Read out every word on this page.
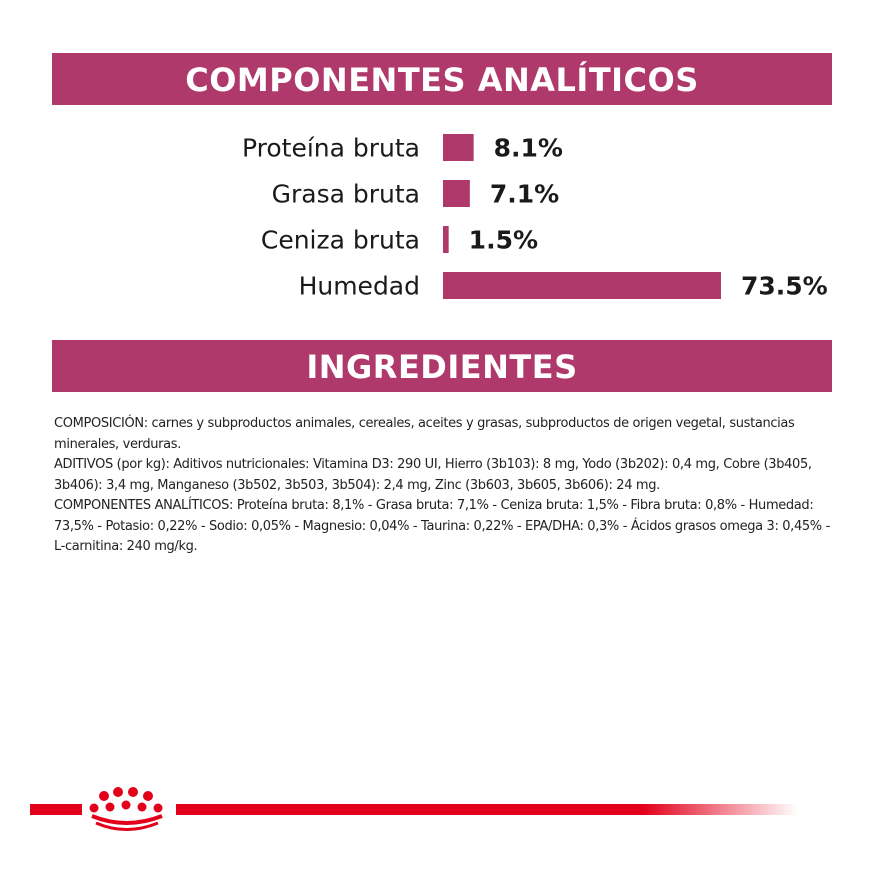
COMPONENTES ANALÍTICOS
Proteína bruta	8.1%
Grasa bruta	7.1%
Ceniza bruta 1.5%
Humedad	73.5%
INGREDIENTES

COMPOSICIÓN: carnes y subproductos animales, cereales, aceites y grasas, subproductos de origen vegetal, sustancias minerales, verduras.

ADITIVOS (por kg): Aditivos nutricionales: Vitamina D3: 290 UI, Hierro (3b103): 8 mg, Yodo (3b202): 0,4 mg, Cobre (3b405, 3b406): 3,4 mg, Manganeso (3b502, 3b503, 3b504): 2,4 mg, Zinc (3b603, 3b605, 3b606): 24 mg.

COMPONENTES ANALÍTICOS: Proteína bruta: 8,1% - Grasa bruta: 7,1% - Ceniza bruta: 1,5% - Fibra bruta: 0,8% - Humedad: 73,5% - Potasio: 0,22% - Sodio: 0,05% - Magnesio: 0,04% - Taurina: 0,22% - EPA/DHA: 0,3% - Ácidos grasos omega 3: 0,45% - L-carnitina: 240 mg/kg.
